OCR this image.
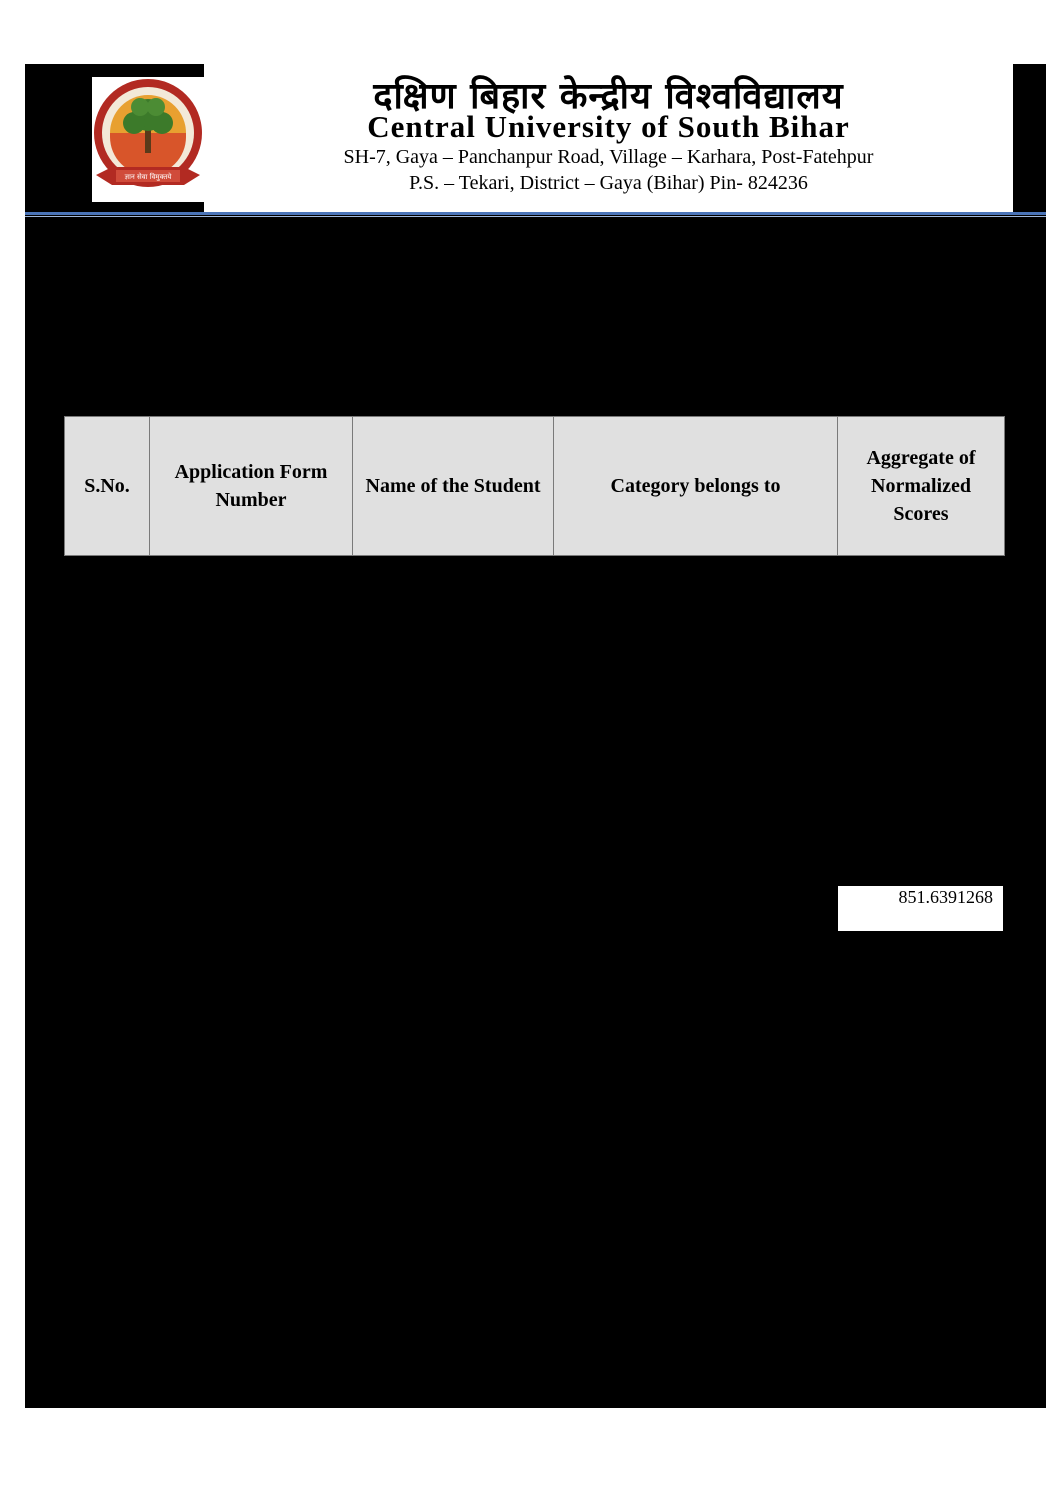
ज्ञान सेवा विमुक्तये
दक्षिण बिहार केन्द्रीय विश्वविद्यालय
Central University of South Bihar
SH-7, Gaya – Panchanpur Road, Village – Karhara, Post-Fatehpur
P.S. – Tekari, District – Gaya (Bihar) Pin- 824236
S.No.	Application Form Number	Name of the Student	Category belongs to	Aggregate of Normalized Scores
851.6391268
